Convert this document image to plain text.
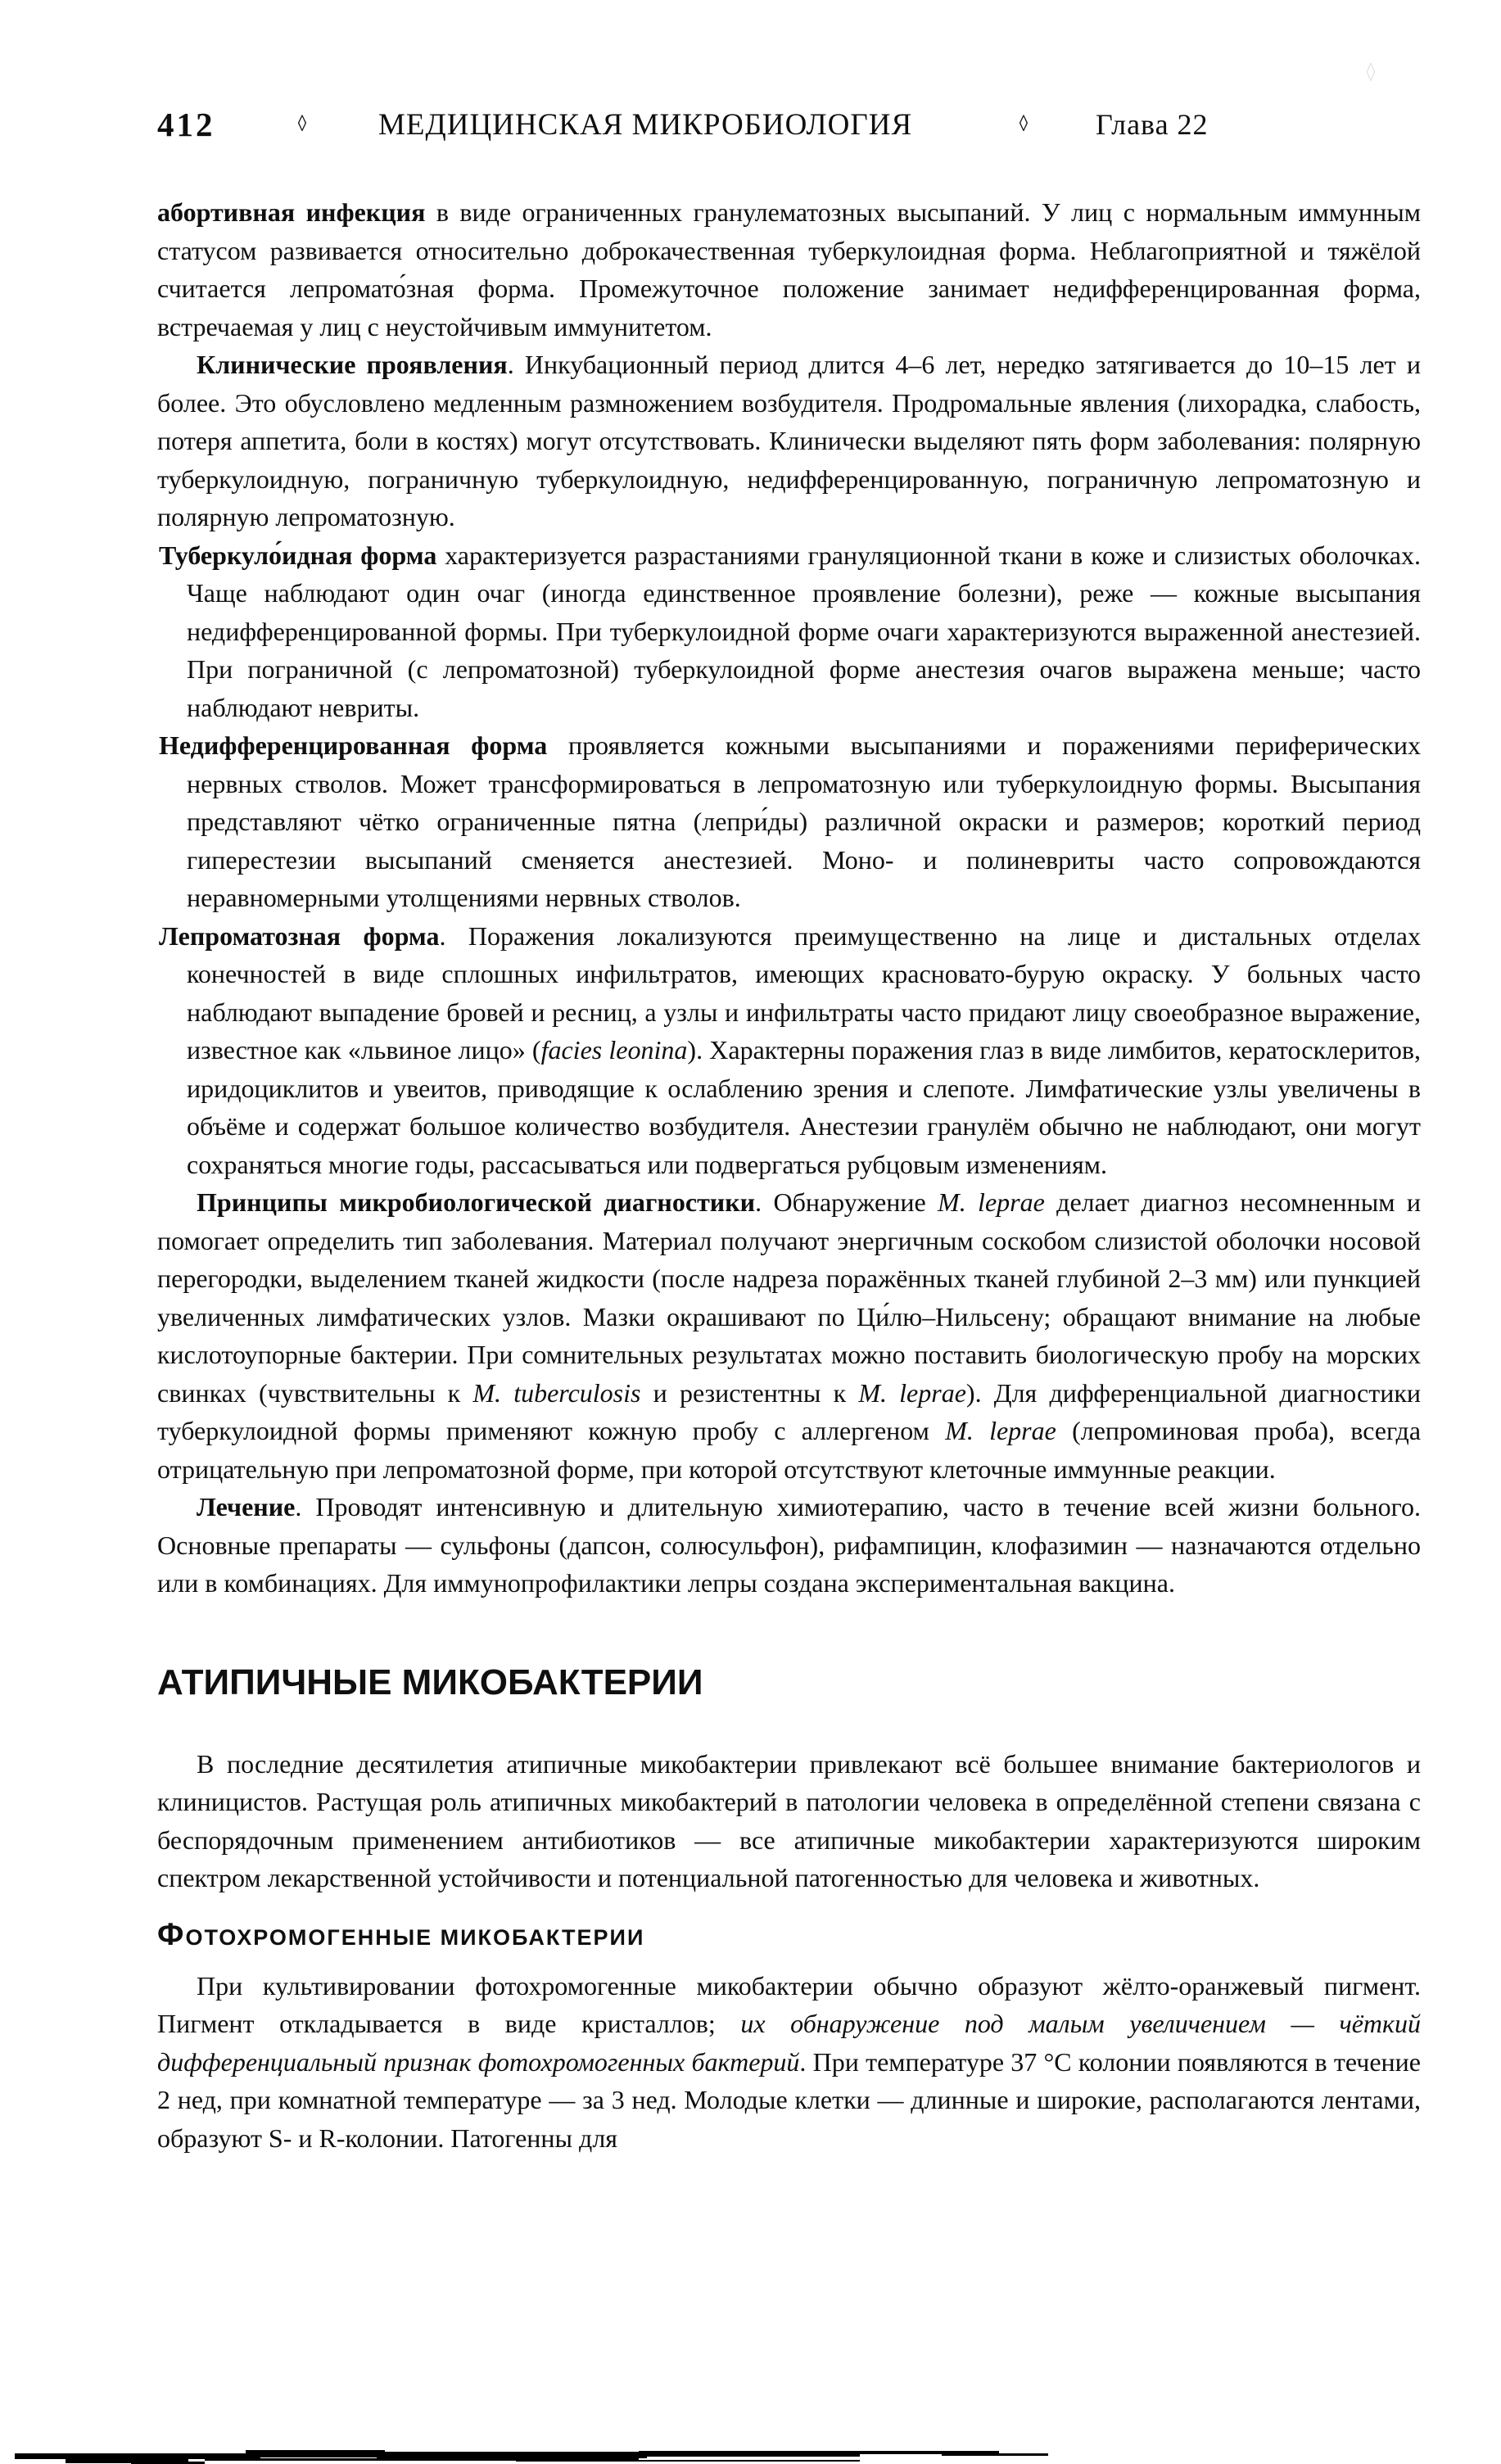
412	◊ МЕДИЦИНСКАЯ МИКРОБИОЛОГИЯ	◊ Глава 22
◊

абортивная инфекция в виде ограниченных гранулематозных высыпаний. У лиц с нормальным иммунным статусом развивается относительно доброкачественная туберкулоидная форма. Неблагоприятной и тяжёлой считается лепромато́зная форма. Промежуточное положение занимает недифференцированная форма, встречаемая у лиц с неустойчивым иммунитетом.

Клинические проявления. Инкубационный период длится 4–6 лет, нередко затягивается до 10–15 лет и более. Это обусловлено медленным размножением возбудителя. Продромальные явления (лихорадка, слабость, потеря аппетита, боли в костях) могут отсутствовать. Клинически выделяют пять форм заболевания: полярную туберкулоидную, пограничную туберкулоидную, недифференцированную, пограничную лепроматозную и полярную лепроматозную.

Туберкуло́идная форма характеризуется разрастаниями грануляционной ткани в коже и слизистых оболочках. Чаще наблюдают один очаг (иногда единственное проявление болезни), реже — кожные высыпания недифференцированной формы. При туберкулоидной форме очаги характеризуются выраженной анестезией. При пограничной (с лепроматозной) туберкулоидной форме анестезия очагов выражена меньше; часто наблюдают невриты.

Недифференцированная форма проявляется кожными высыпаниями и поражениями периферических нервных стволов. Может трансформироваться в лепроматозную или туберкулоидную формы. Высыпания представляют чётко ограниченные пятна (лепри́ды) различной окраски и размеров; короткий период гиперестезии высыпаний сменяется анестезией. Моно- и полиневриты часто сопровождаются неравномерными утолщениями нервных стволов.

Лепроматозная форма. Поражения локализуются преимущественно на лице и дистальных отделах конечностей в виде сплошных инфильтратов, имеющих красновато-бурую окраску. У больных часто наблюдают выпадение бровей и ресниц, а узлы и инфильтраты часто придают лицу своеобразное выражение, известное как «львиное лицо» (facies leonina). Характерны поражения глаз в виде лимбитов, кератосклеритов, иридоциклитов и увеитов, приводящие к ослаблению зрения и слепоте. Лимфатические узлы увеличены в объёме и содержат большое количество возбудителя. Анестезии гранулём обычно не наблюдают, они могут сохраняться многие годы, рассасываться или подвергаться рубцовым изменениям.

Принципы микробиологической диагностики. Обнаружение M. leprae делает диагноз несомненным и помогает определить тип заболевания. Материал получают энергичным соскобом слизистой оболочки носовой перегородки, выделением тканей жидкости (после надреза поражённых тканей глубиной 2–3 мм) или пункцией увеличенных лимфатических узлов. Мазки окрашивают по Ци́лю–Нильсену; обращают внимание на любые кислотоупорные бактерии. При сомнительных результатах можно поставить биологическую пробу на морских свинках (чувствительны к M. tuberculosis и резистентны к M. leprae). Для дифференциальной диагностики туберкулоидной формы применяют кожную пробу с аллергеном M. leprae (лепроминовая проба), всегда отрицательную при лепроматозной форме, при которой отсутствуют клеточные иммунные реакции.

Лечение. Проводят интенсивную и длительную химиотерапию, часто в течение всей жизни больного. Основные препараты — сульфоны (дапсон, солюсульфон), рифампицин, клофазимин — назначаются отдельно или в комбинациях. Для иммунопрофилактики лепры создана экспериментальная вакцина.

АТИПИЧНЫЕ МИКОБАКТЕРИИ

В последние десятилетия атипичные микобактерии привлекают всё большее внимание бактериологов и клиницистов. Растущая роль атипичных микобактерий в патологии человека в определённой степени связана с беспорядочным применением антибиотиков — все атипичные микобактерии характеризуются широким спектром лекарственной устойчивости и потенциальной патогенностью для человека и животных.

ФОТОХРОМОГЕННЫЕ МИКОБАКТЕРИИ

При культивировании фотохромогенные микобактерии обычно образуют жёлто-оранжевый пигмент. Пигмент откладывается в виде кристаллов; их обнаружение под малым увеличением — чёткий дифференциальный признак фотохромогенных бактерий. При температуре 37 °С колонии появляются в течение 2 нед, при комнатной температуре — за 3 нед. Молодые клетки — длинные и широкие, располагаются лентами, образуют S- и R-колонии. Патогенны для
